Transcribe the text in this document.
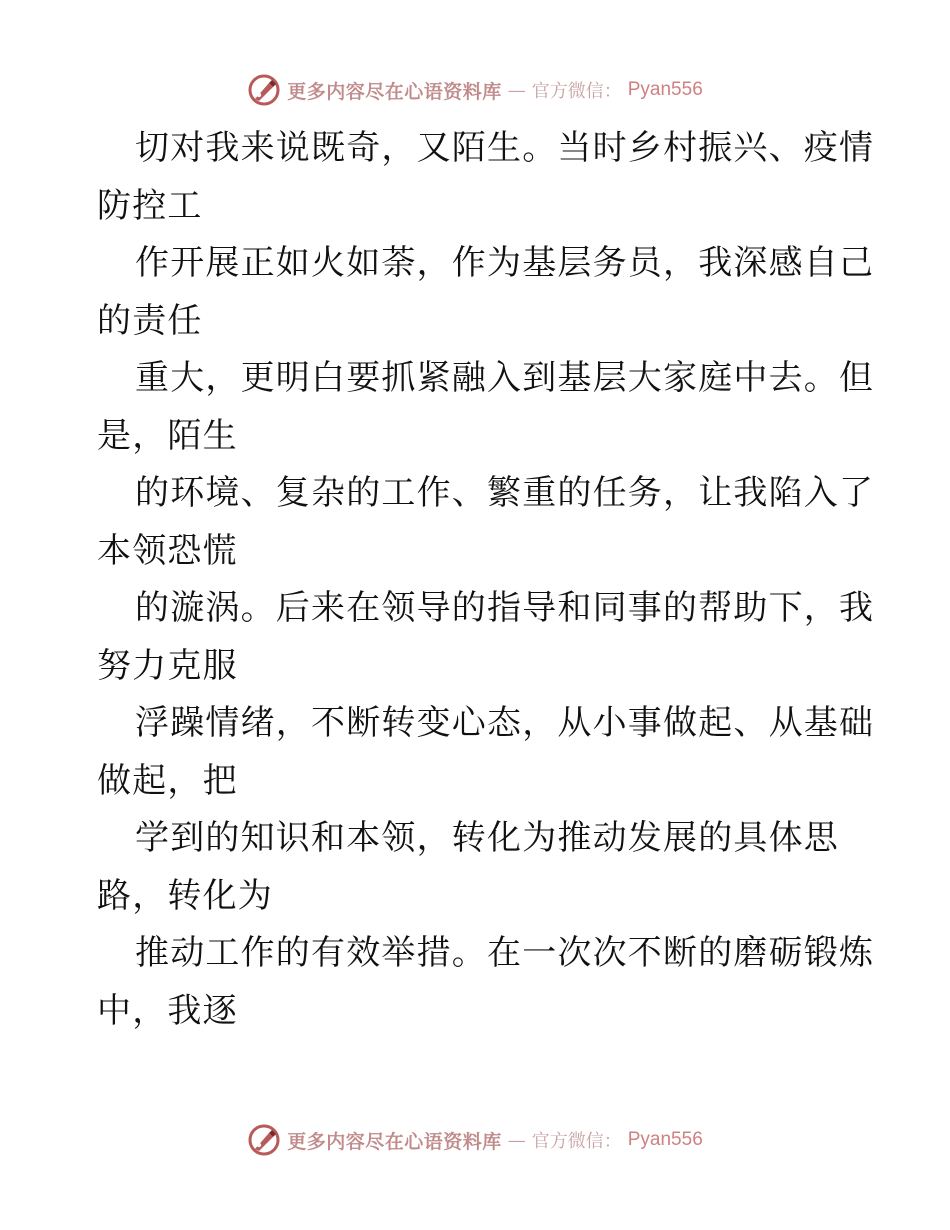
更多内容尽在心语资料库 — 官方微信： Pyan556
切对我来说既奇，又陌生。当时乡村振兴、疫情
防控工
作开展正如火如荼，作为基层务员，我深感自己
的责任
重大，更明白要抓紧融入到基层大家庭中去。但
是，陌生
的环境、复杂的工作、繁重的任务，让我陷入了
本领恐慌
的漩涡。后来在领导的指导和同事的帮助下，我
努力克服
浮躁情绪，不断转变心态，从小事做起、从基础
做起，把
学到的知识和本领，转化为推动发展的具体思
路，转化为
推动工作的有效举措。在一次次不断的磨砺锻炼
中，我逐
更多内容尽在心语资料库 — 官方微信： Pyan556
